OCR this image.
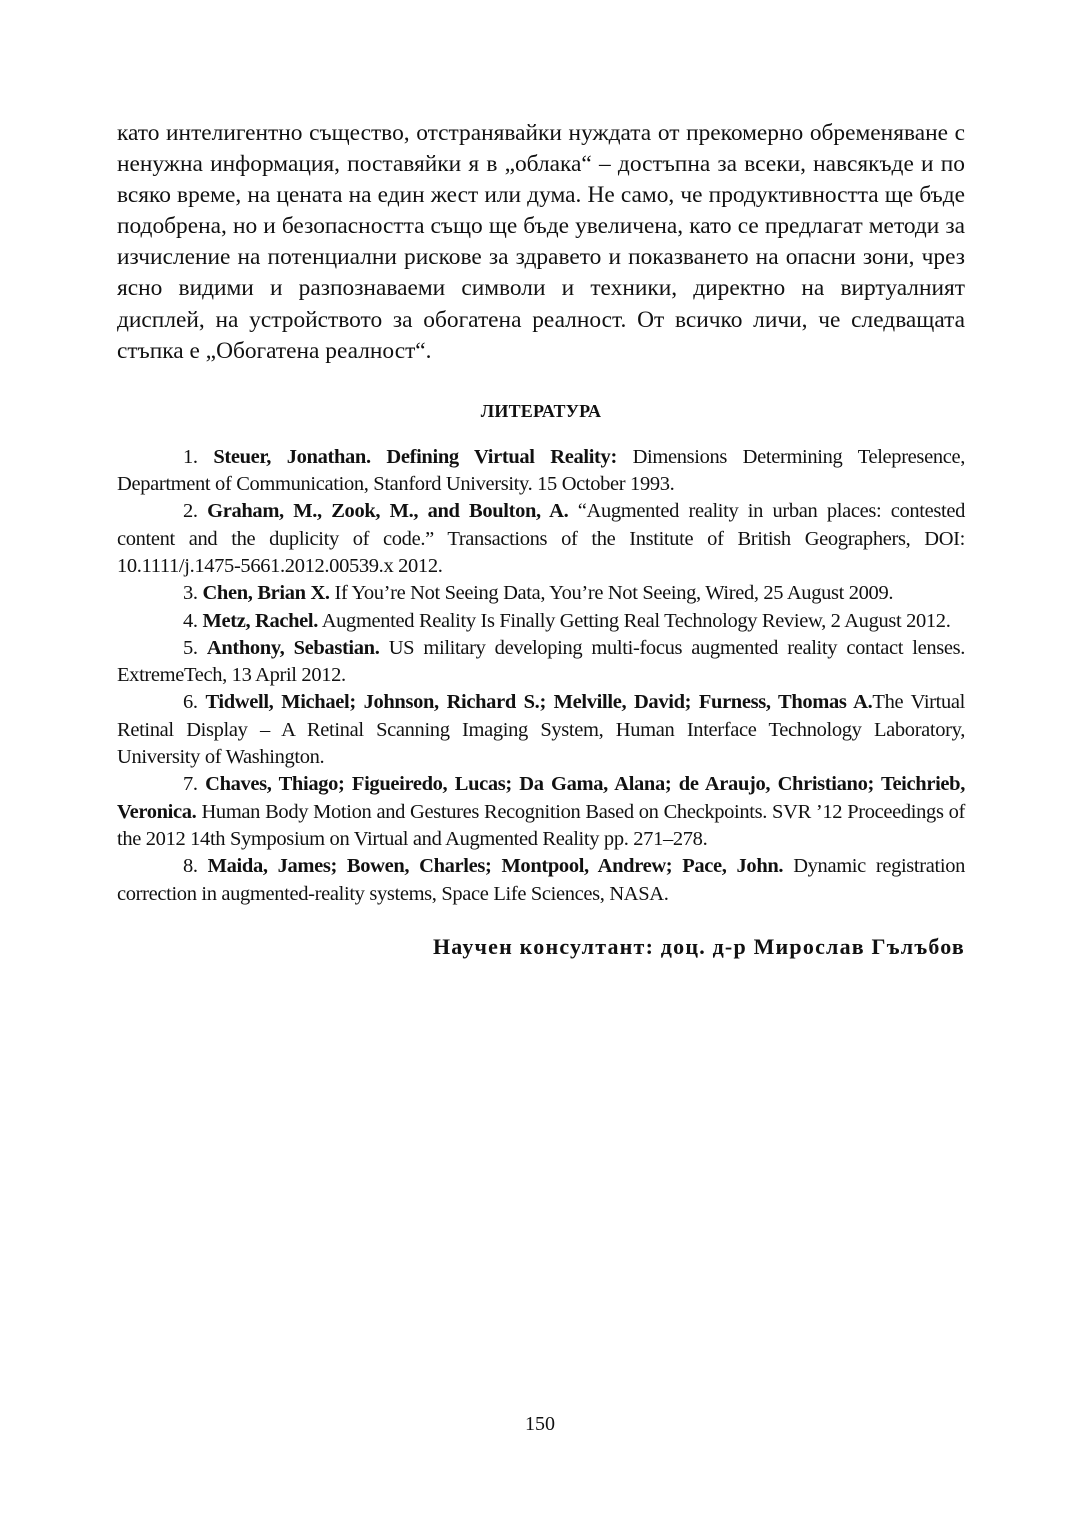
като интелигентно същество, отстранявайки нуждата от прекомерно обременяване с ненужна информация, поставяйки я в „облака“ – достъпна за всеки, навсякъде и по всяко време, на цената на един жест или дума. Не само, че продуктивността ще бъде подобрена, но и безопасността също ще бъде увеличена, като се предлагат методи за изчисление на потенциални рискове за здравето и показването на опасни зони, чрез ясно видими и разпознаваеми символи и техники, директно на виртуалният дисплей, на устройството за обогатена реалност. От всичко личи, че следващата стъпка е „Обогатена реалност“.

ЛИТЕРАТУРА
1. Steuer, Jonathan. Defining Virtual Reality: Dimensions Determining Telepresence, Department of Communication, Stanford University. 15 October 1993.
2. Graham, M., Zook, M., and Boulton, A. “Augmented reality in urban places: contested content and the duplicity of code.” Transactions of the Institute of British Geographers, DOI: 10.1111/j.1475-5661.2012.00539.x 2012.
3. Chen, Brian X. If You’re Not Seeing Data, You’re Not Seeing, Wired, 25 August 2009.
4. Metz, Rachel. Augmented Reality Is Finally Getting Real Technology Review, 2 August 2012.
5. Anthony, Sebastian. US military developing multi-focus augmented reality contact lenses. ExtremeTech, 13 April 2012.
6. Tidwell, Michael; Johnson, Richard S.; Melville, David; Furness, Thomas A.The Virtual Retinal Display – A Retinal Scanning Imaging System, Human Interface Technology Laboratory, University of Washington.
7. Chaves, Thiago; Figueiredo, Lucas; Da Gama, Alana; de Araujo, Christiano; Teichrieb, Veronica. Human Body Motion and Gestures Recognition Based on Checkpoints. SVR ’12 Proceedings of the 2012 14th Symposium on Virtual and Augmented Reality pp. 271–278.
8. Maida, James; Bowen, Charles; Montpool, Andrew; Pace, John. Dynamic registration correction in augmented-reality systems, Space Life Sciences, NASA.
Научен консултант: доц. д-р Мирослав Гълъбов
150
